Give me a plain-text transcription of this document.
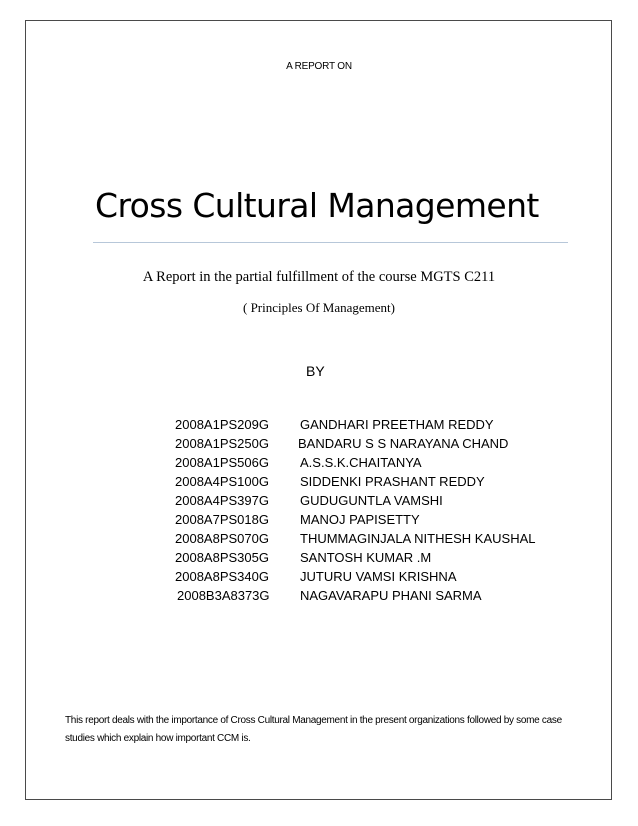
A REPORT ON
Cross Cultural Management
A Report in the partial fulfillment of the course MGTS C211
( Principles Of Management)
BY
2008A1PS209G GANDHARI PREETHAM REDDY
2008A1PS250G BANDARU S S NARAYANA CHAND
2008A1PS506G A.S.S.K.CHAITANYA
2008A4PS100G SIDDENKI PRASHANT REDDY
2008A4PS397G GUDUGUNTLA VAMSHI
2008A7PS018G MANOJ PAPISETTY
2008A8PS070G THUMMAGINJALA NITHESH KAUSHAL
2008A8PS305G SANTOSH KUMAR .M
2008A8PS340G JUTURU VAMSI KRISHNA
2008B3A8373G NAGAVARAPU PHANI SARMA

This report deals with the importance of Cross Cultural Management in the present organizations followed by some case studies which explain how important CCM is.
